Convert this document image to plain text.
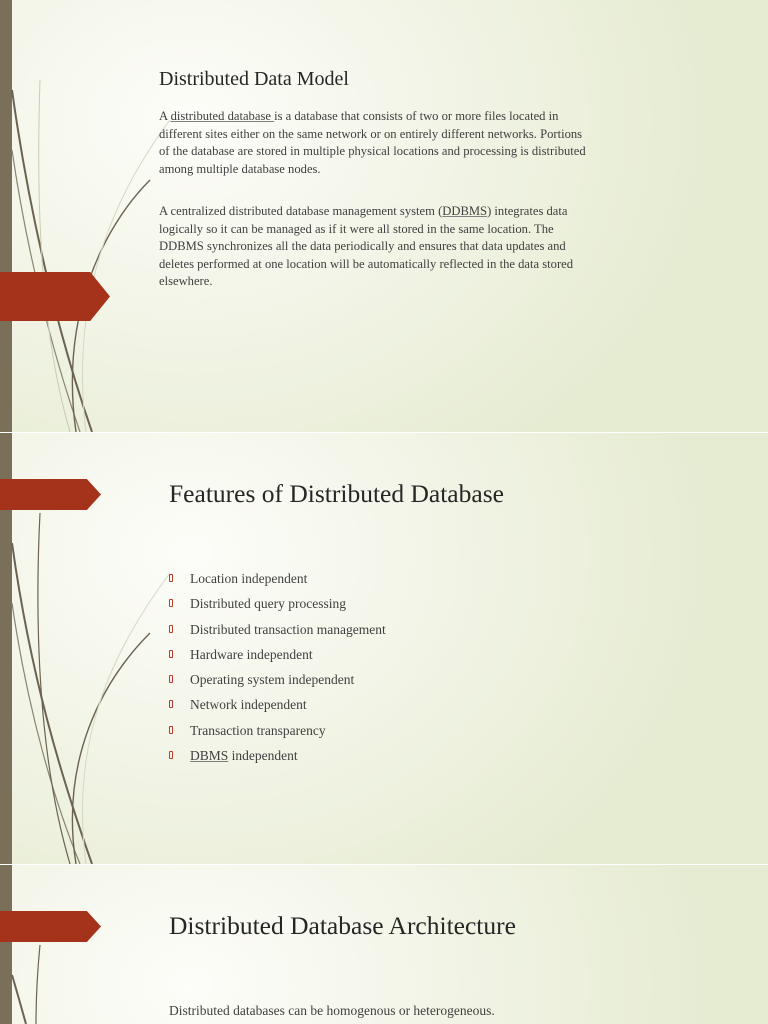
Distributed Data Model

A distributed database is a database that consists of two or more files located in different sites either on the same network or on entirely different networks. Portions of the database are stored in multiple physical locations and processing is distributed among multiple database nodes.

A centralized distributed database management system (DDBMS) integrates data logically so it can be managed as if it were all stored in the same location. The DDBMS synchronizes all the data periodically and ensures that data updates and deletes performed at one location will be automatically reflected in the data stored elsewhere.

Features of Distributed Database
Location independent
Distributed query processing
Distributed transaction management
Hardware independent
Operating system independent
Network independent
Transaction transparency
DBMS independent
Distributed Database Architecture

Distributed databases can be homogenous or heterogeneous.
